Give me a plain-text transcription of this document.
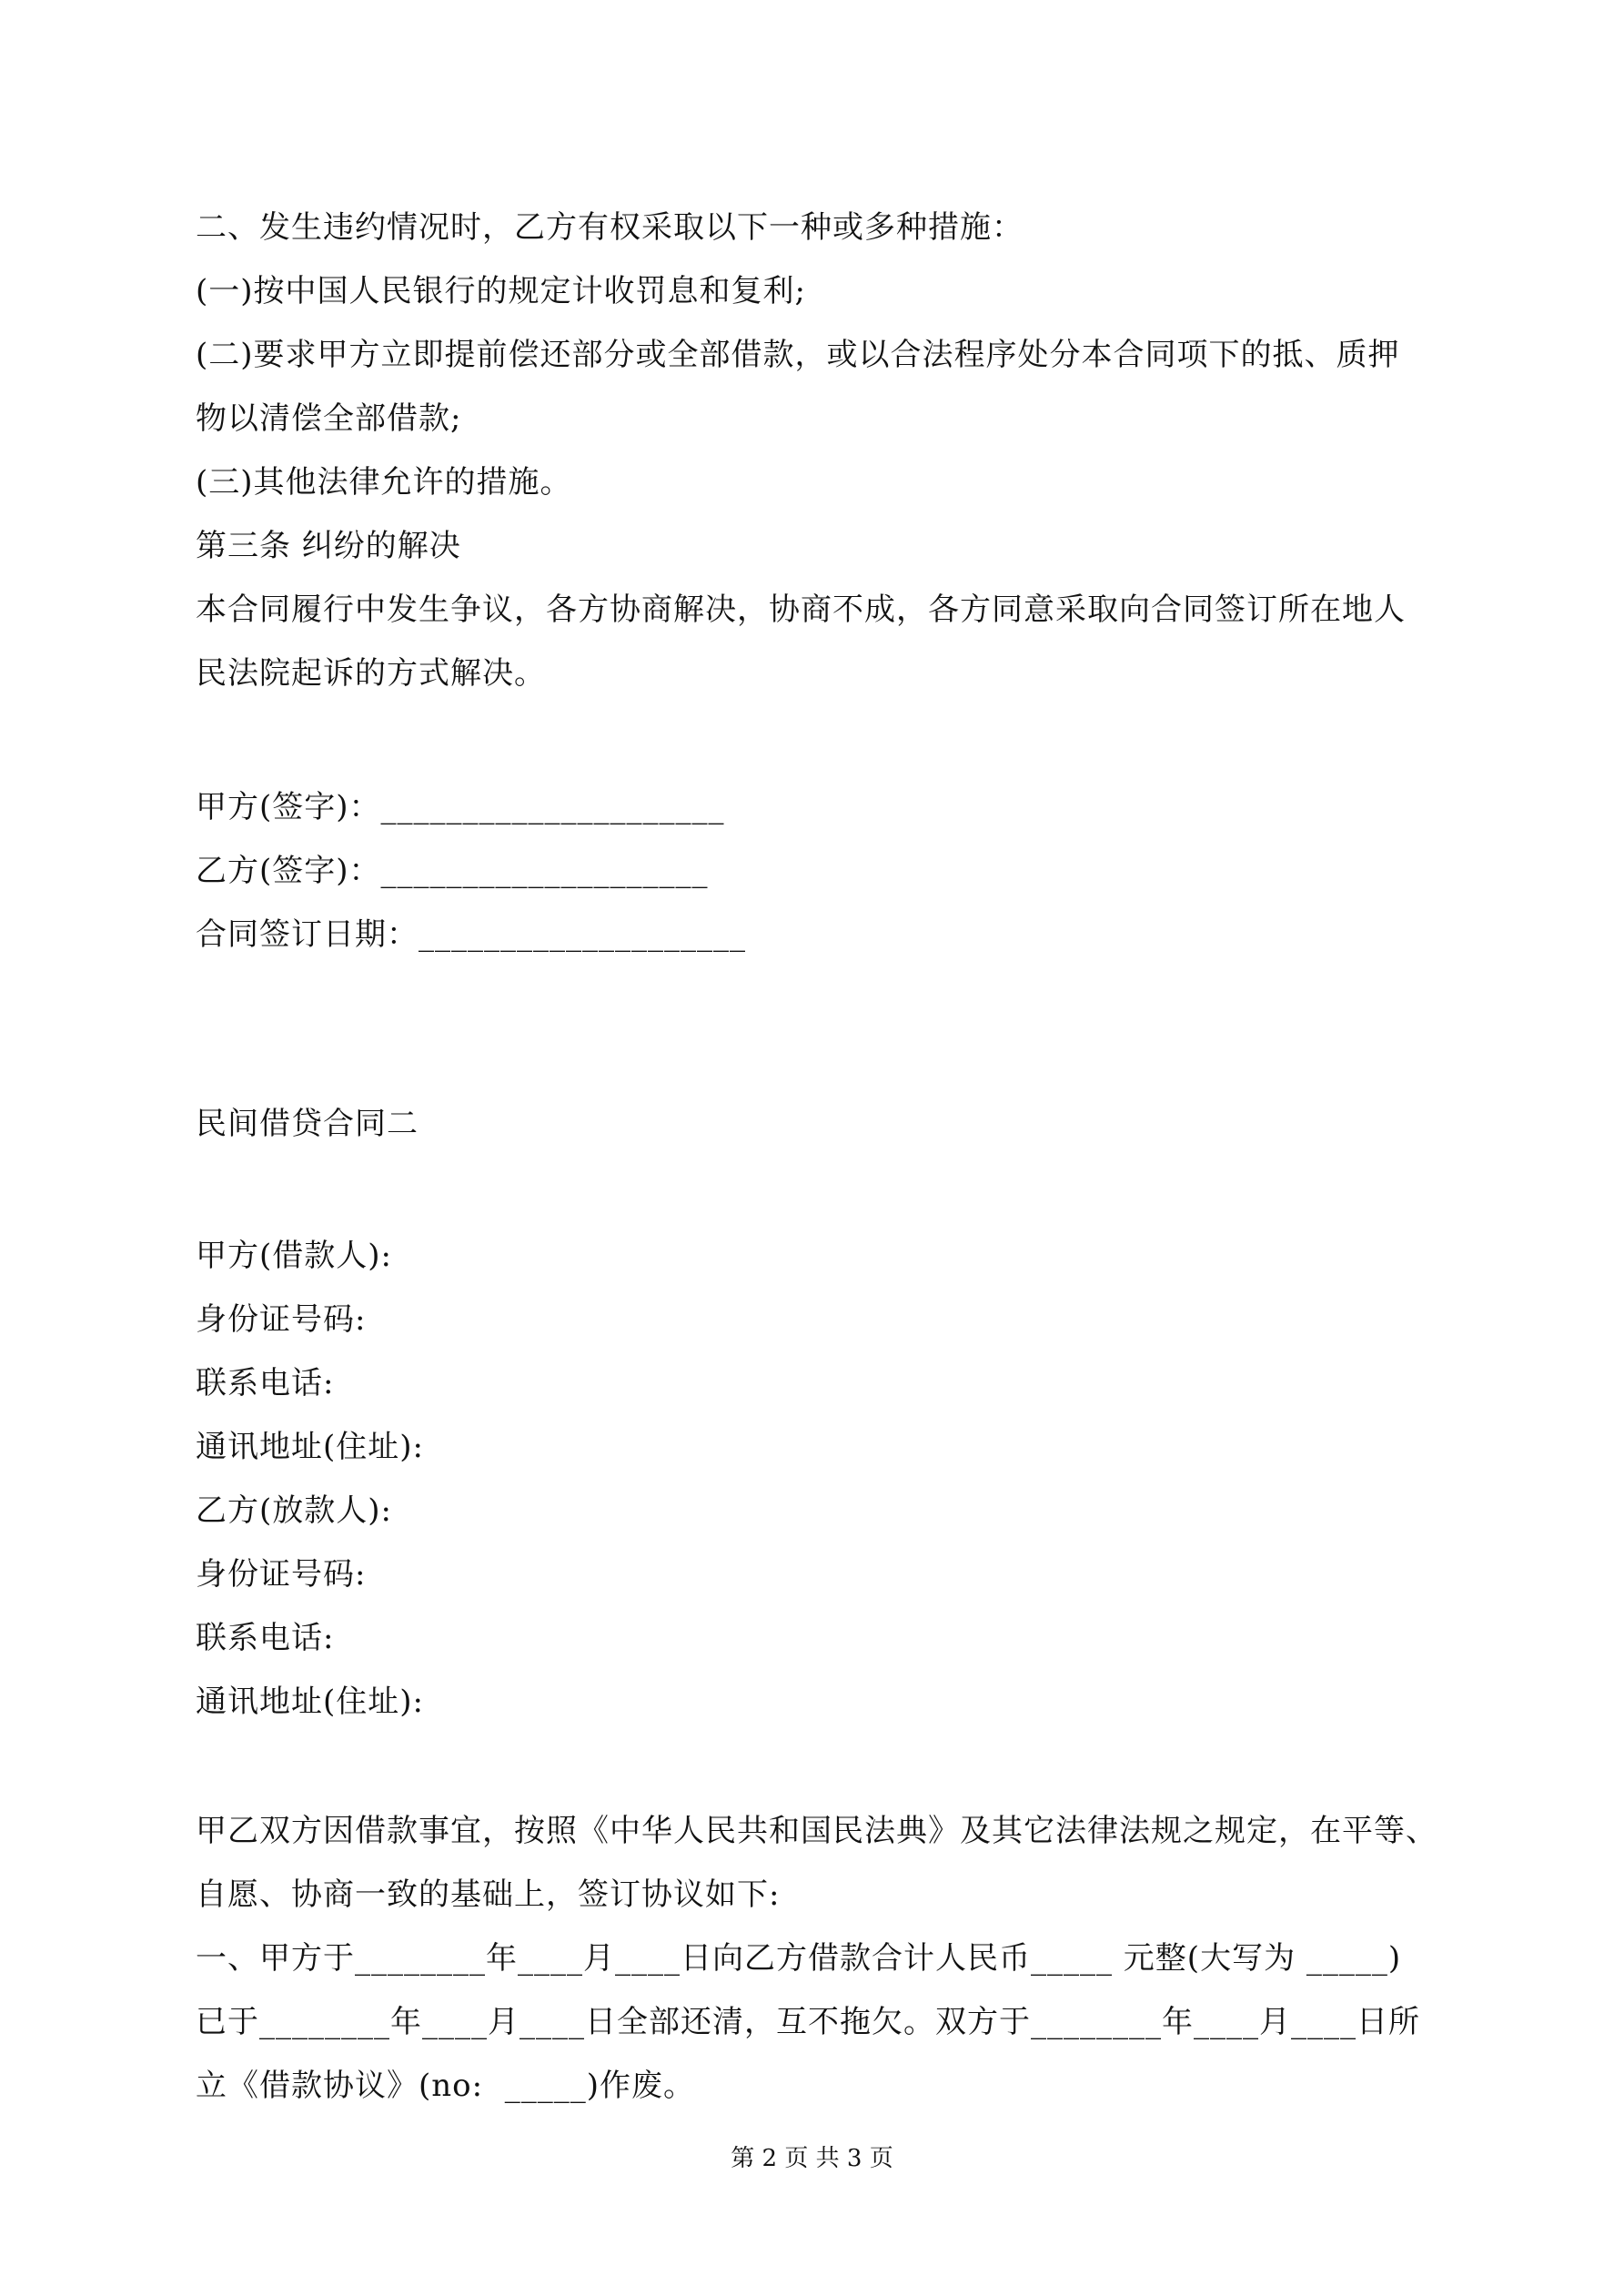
二、发生违约情况时，乙方有权采取以下一种或多种措施：
(一)按中国人民银行的规定计收罚息和复利;
(二)要求甲方立即提前偿还部分或全部借款，或以合法程序处分本合同项下的抵、质押
物以清偿全部借款;
(三)其他法律允许的措施。
第三条 纠纷的解决
本合同履行中发生争议，各方协商解决，协商不成，各方同意采取向合同签订所在地人
民法院起诉的方式解决。
甲方(签字)：_____________________
乙方(签字)：____________________
合同签订日期：____________________
民间借贷合同二
甲方(借款人):
身份证号码:
联系电话:
通讯地址(住址):
乙方(放款人):
身份证号码:
联系电话:
通讯地址(住址):
甲乙双方因借款事宜，按照《中华人民共和国民法典》及其它法律法规之规定，在平等、
自愿、协商一致的基础上，签订协议如下:
一、甲方于________年____月____日向乙方借款合计人民币_____ 元整(大写为 _____)
已于________年____月____日全部还清，互不拖欠。双方于________年____月____日所
立《借款协议》(no:  _____)作废。
第 2 页 共 3 页
